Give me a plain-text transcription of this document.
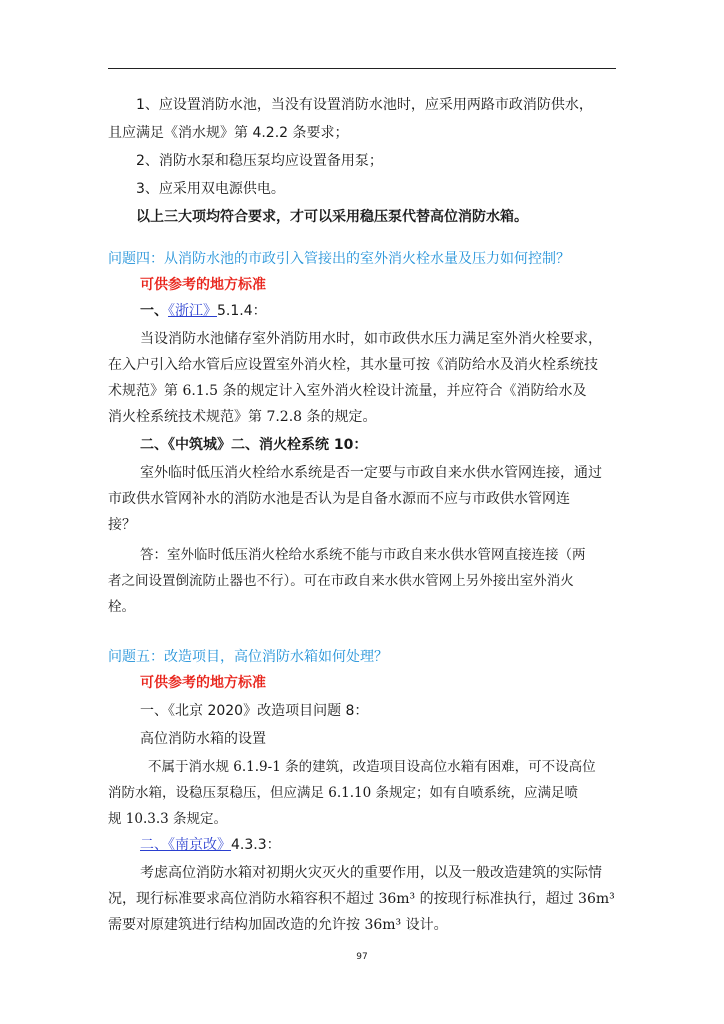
1、应设置消防水池，当没有设置消防水池时，应采用两路市政消防供水，
且应满足《消水规》第 4.2.2 条要求；
2、消防水泵和稳压泵均应设置备用泵；
3、应采用双电源供电。
以上三大项均符合要求，才可以采用稳压泵代替高位消防水箱。
问题四：从消防水池的市政引入管接出的室外消火栓水量及压力如何控制？
可供参考的地方标准
一、《浙江》5.1.4：
当设消防水池储存室外消防用水时，如市政供水压力满足室外消火栓要求，
在入户引入给水管后应设置室外消火栓，其水量可按《消防给水及消火栓系统技
术规范》第 6.1.5 条的规定计入室外消火栓设计流量，并应符合《消防给水及
消火栓系统技术规范》第 7.2.8 条的规定。
二、《中筑城》二、消火栓系统 10：
室外临时低压消火栓给水系统是否一定要与市政自来水供水管网连接，通过
市政供水管网补水的消防水池是否认为是自备水源而不应与市政供水管网连
接？
答：室外临时低压消火栓给水系统不能与市政自来水供水管网直接连接（两
者之间设置倒流防止器也不行）。可在市政自来水供水管网上另外接出室外消火
栓。
问题五：改造项目，高位消防水箱如何处理？
可供参考的地方标准
一、《北京 2020》改造项目问题 8：
高位消防水箱的设置
不属于消水规 6.1.9-1 条的建筑，改造项目设高位水箱有困难，可不设高位
消防水箱，设稳压泵稳压，但应满足 6.1.10 条规定；如有自喷系统，应满足喷
规 10.3.3 条规定。
二、《南京改》4.3.3：
考虑高位消防水箱对初期火灾灭火的重要作用，以及一般改造建筑的实际情
况，现行标准要求高位消防水箱容积不超过 36m³ 的按现行标准执行，超过 36m³
需要对原建筑进行结构加固改造的允许按 36m³ 设计。
97
